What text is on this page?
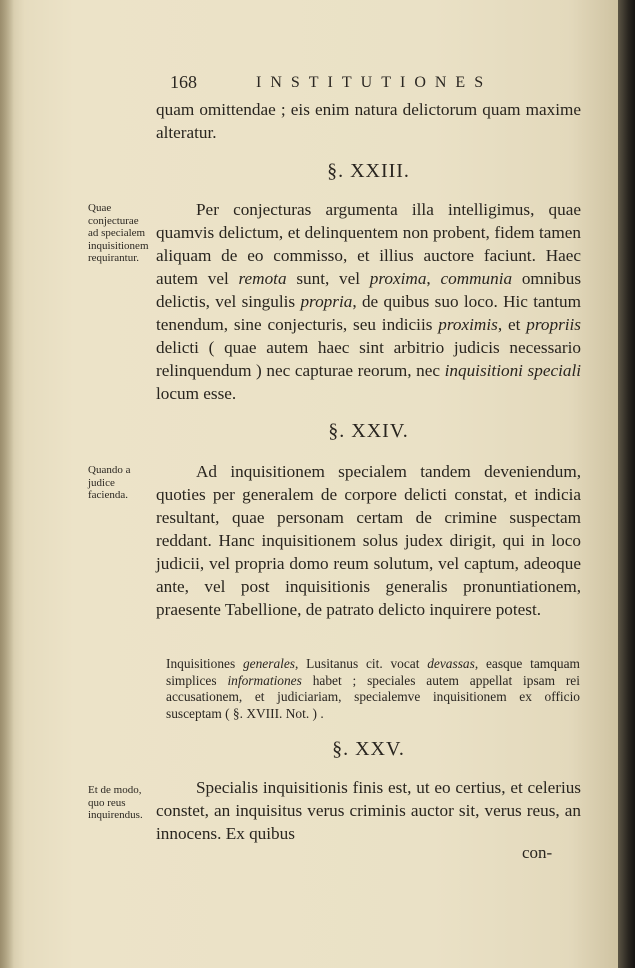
168	INSTITUTIONES

quam omittendae ; eis enim natura delictorum quam maxime alteratur.

§. XXIII.
Quae conjecturae ad specialem inquisitionem requirantur.

Per conjecturas argumenta illa intelligimus, quae quamvis delictum, et delinquentem non probent, fidem tamen aliquam de eo commisso, et illius auctore faciunt. Haec autem vel remota sunt, vel proxima, communia omnibus delictis, vel singulis propria, de quibus suo loco. Hic tantum tenendum, sine conjecturis, seu indiciis proximis, et propriis delicti ( quae autem haec sint arbitrio judicis necessario relinquendum ) nec capturae reorum, nec inquisitioni speciali locum esse.

§. XXIV.
Quando a judice facienda.

Ad inquisitionem specialem tandem deveniendum, quoties per generalem de corpore delicti constat, et indicia resultant, quae personam certam de crimine suspectam reddant. Hanc inquisitionem solus judex dirigit, qui in loco judicii, vel propria domo reum solutum, vel captum, adeoque ante, vel post inquisitionis generalis pronuntiationem, praesente Tabellione, de patrato delicto inquirere potest.

Inquisitiones generales, Lusitanus cit. vocat devassas, easque tamquam simplices informationes habet ; speciales autem appellat ipsam rei accusationem, et judiciariam, specialemve inquisitionem ex officio susceptam ( §. XVIII. Not. ) .
§. XXV.
Et de modo, quo reus inquirendus.

Specialis inquisitionis finis est, ut eo certius, et celerius constet, an inquisitus verus criminis auctor sit, verus reus, an innocens. Ex quibus

con-
